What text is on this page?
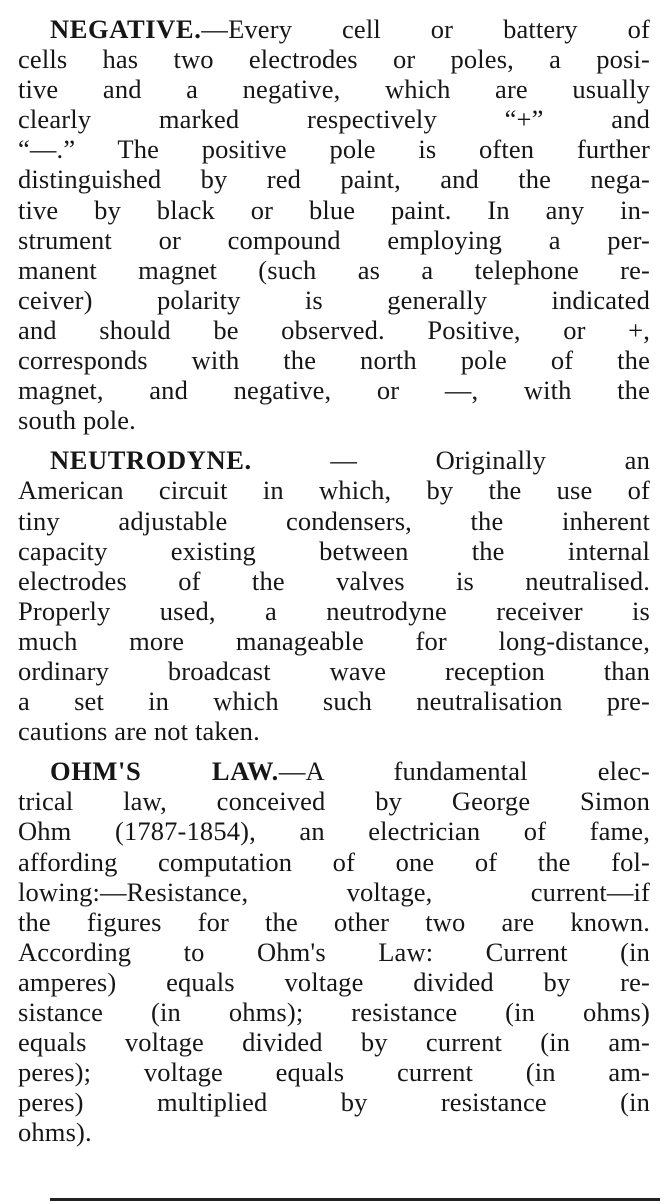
NEGATIVE.—Every cell or battery of
cells has two electrodes or poles, a posi-
tive and a negative, which are usually
clearly marked respectively “+” and
“—.” The positive pole is often further
distinguished by red paint, and the nega-
tive by black or blue paint. In any in-
strument or compound employing a per-
manent magnet (such as a telephone re-
ceiver) polarity is generally indicated
and should be observed. Positive, or +,
corresponds with the north pole of the
magnet, and negative, or —, with the
south pole.
NEUTRODYNE. — Originally an
American circuit in which, by the use of
tiny adjustable condensers, the inherent
capacity existing between the internal
electrodes of the valves is neutralised.
Properly used, a neutrodyne receiver is
much more manageable for long-distance,
ordinary broadcast wave reception than
a set in which such neutralisation pre-
cautions are not taken.
OHM'S LAW.—A fundamental elec-
trical law, conceived by George Simon
Ohm (1787-1854), an electrician of fame,
affording computation of one of the fol-
lowing:—Resistance, voltage, current—if
the figures for the other two are known.
According to Ohm's Law: Current (in
amperes) equals voltage divided by re-
sistance (in ohms); resistance (in ohms)
equals voltage divided by current (in am-
peres); voltage equals current (in am-
peres) multiplied by resistance (in
ohms).
